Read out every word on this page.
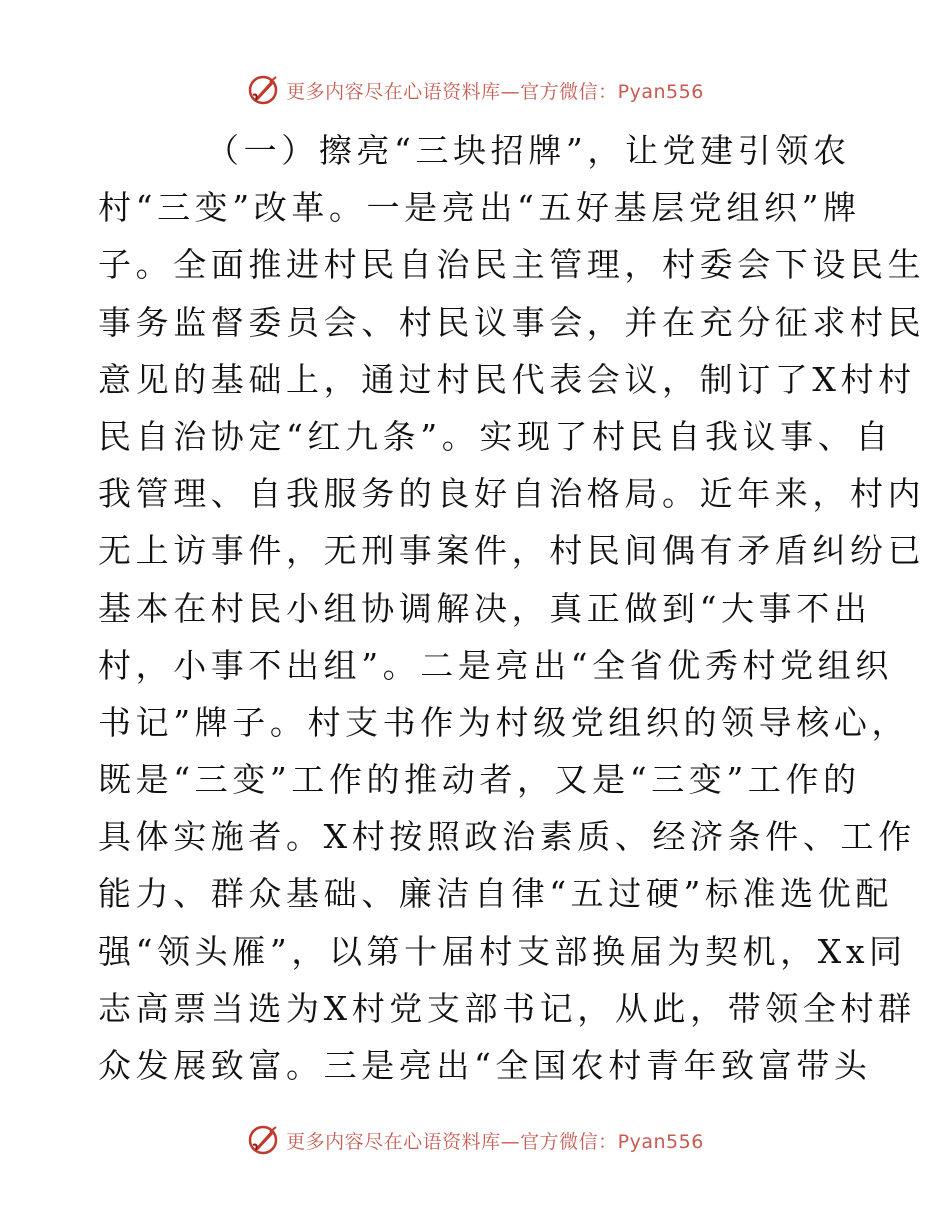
更多内容尽在心语资料库—官方微信：Pyan556
（一）擦亮“三块招牌”，让党建引领农
村“三变”改革。一是亮出“五好基层党组织”牌
子。全面推进村民自治民主管理，村委会下设民生
事务监督委员会、村民议事会，并在充分征求村民
意见的基础上，通过村民代表会议，制订了X村村
民自治协定“红九条”。实现了村民自我议事、自
我管理、自我服务的良好自治格局。近年来，村内
无上访事件，无刑事案件，村民间偶有矛盾纠纷已
基本在村民小组协调解决，真正做到“大事不出
村，小事不出组”。二是亮出“全省优秀村党组织
书记”牌子。村支书作为村级党组织的领导核心，
既是“三变”工作的推动者，又是“三变”工作的
具体实施者。X村按照政治素质、经济条件、工作
能力、群众基础、廉洁自律“五过硬”标准选优配
强“领头雁”，以第十届村支部换届为契机，Xx同
志高票当选为X村党支部书记，从此，带领全村群
众发展致富。三是亮出“全国农村青年致富带头
更多内容尽在心语资料库—官方微信：Pyan556
